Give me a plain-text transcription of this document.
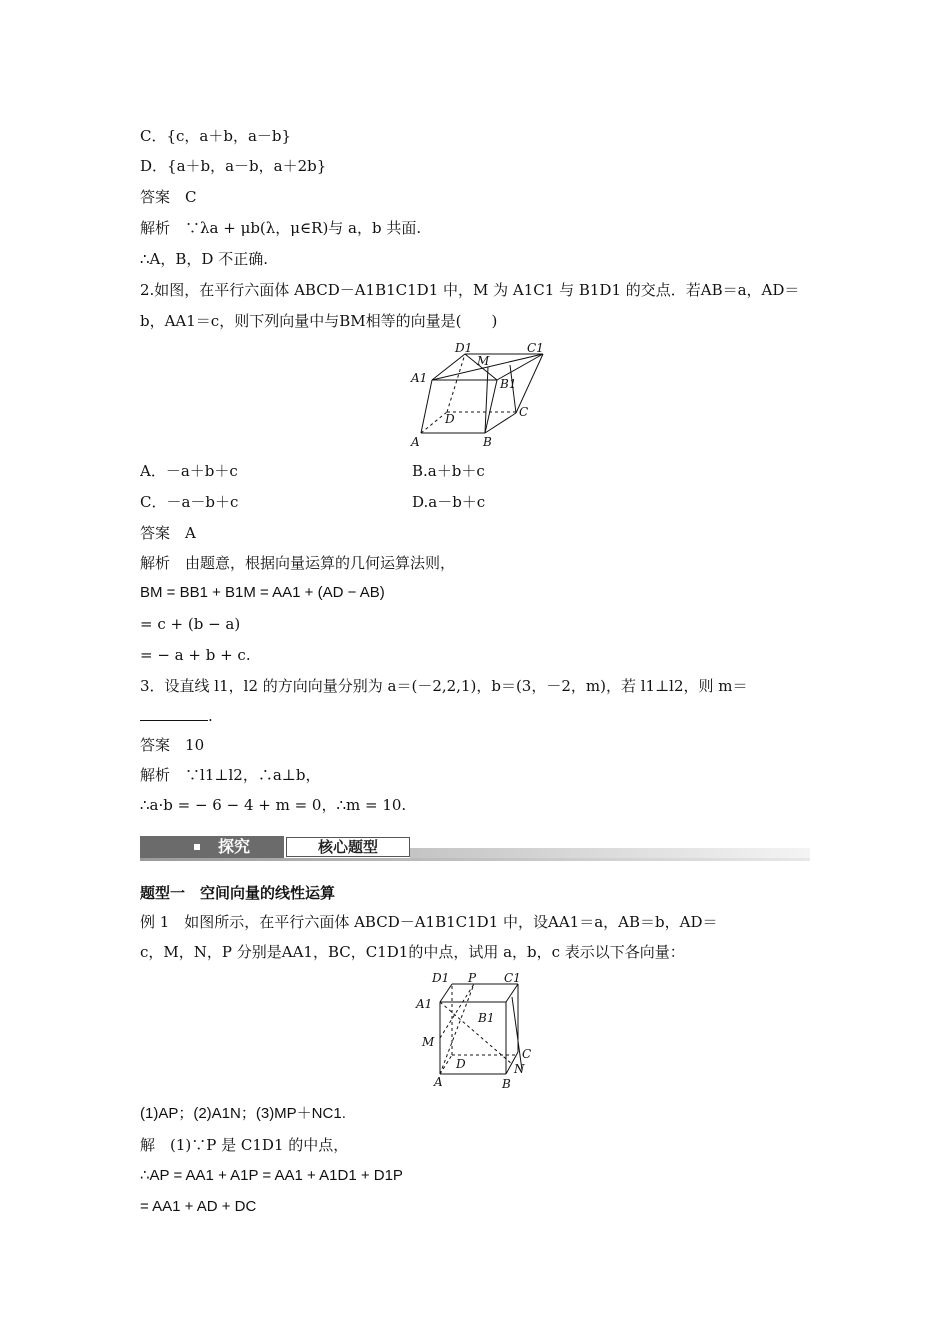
C．{c，a＋b，a－b}
D．{a＋b，a－b，a＋2b}
答案　 C
解析　 ∵λa + μb(λ，μ∈R)与 a，b 共面.
∴A，B，D 不正确.
2.如图，在平行六面体 ABCD－A1B1C1D1 中，M 为 A1C1 与 B1D1 的交点．若AB＝a，AD＝
b，AA1＝c，则下列向量中与BM相等的向量是(　　)
D1
M
C1
A1	B1
D	C
A	B
A．－a＋b＋c	B.a＋b＋c
C．－a－b＋c	D.a－b＋c
答案　 A
解析　 由题意，根据向量运算的几何运算法则，
BM = BB1 + B1M = AA1 + (AD − AB)
= c + (b − a)
= − a + b + c.
3．设直线 l1，l2 的方向向量分别为 a＝(－2,2,1)，b＝(3，－2，m)，若 l1⊥l2，则 m＝
.
答案　 10
解析　 ∵l1⊥l2，∴a⊥b，
∴a·b = − 6 − 4 + m = 0，∴m = 10.
探究	核心题型
题型一　空间向量的线性运算
例 1　如图所示，在平行六面体 ABCD－A1B1C1D1 中，设AA1＝a，AB＝b，AD＝
c，M，N，P 分别是AA1，BC，C1D1的中点，试用 a，b，c 表示以下各向量：
D1 P C1
A1
B1
M
D
C
N
A	B
(1)AP；(2)A1N；(3)MP＋NC1.
解　 (1)∵P 是 C1D1 的中点，
∴AP = AA1 + A1P = AA1 + A1D1 + D1P
= AA1 + AD + DC
